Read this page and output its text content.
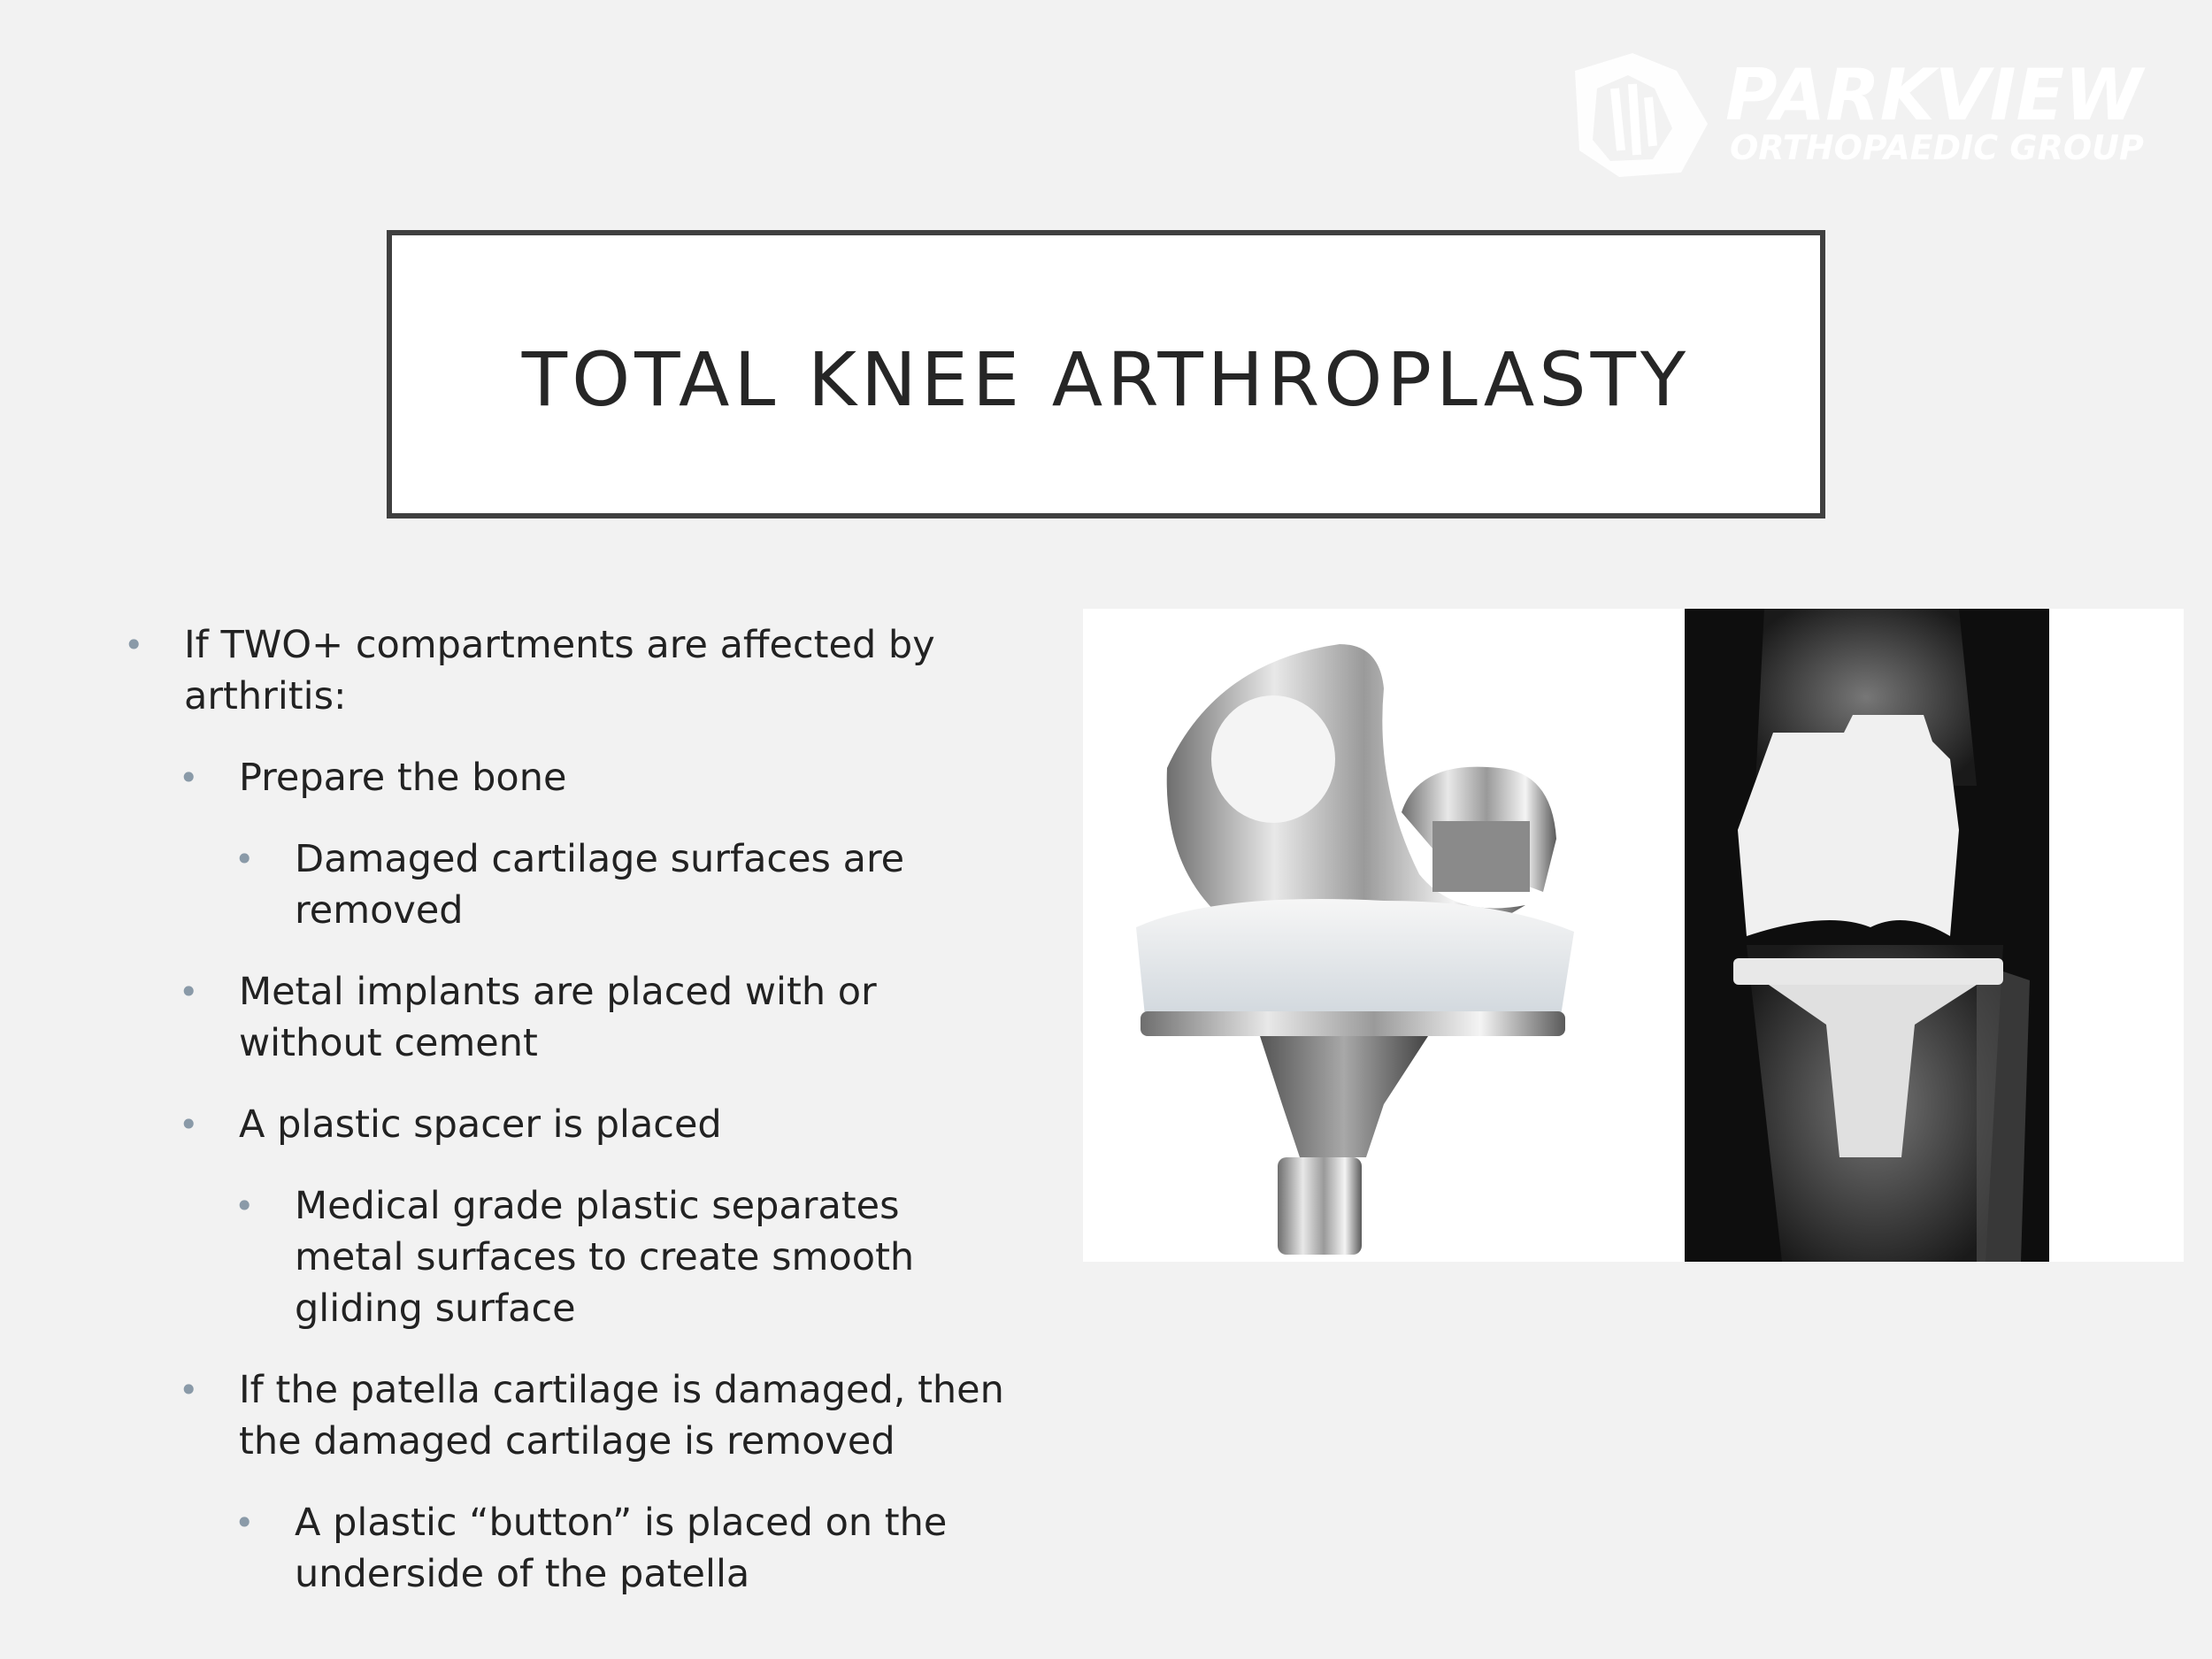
PARKVIEW
ORTHOPAEDIC GROUP
TOTAL KNEE ARTHROPLASTY
• If TWO+ compartments are affected by arthritis:
• Prepare the bone
• Damaged cartilage surfaces are removed
• Metal implants are placed with or without cement
• A plastic spacer is placed
• Medical grade plastic separates metal surfaces to create smooth gliding surface
• If the patella cartilage is damaged, then the damaged cartilage is removed
• A plastic “button” is placed on the underside of the patella
